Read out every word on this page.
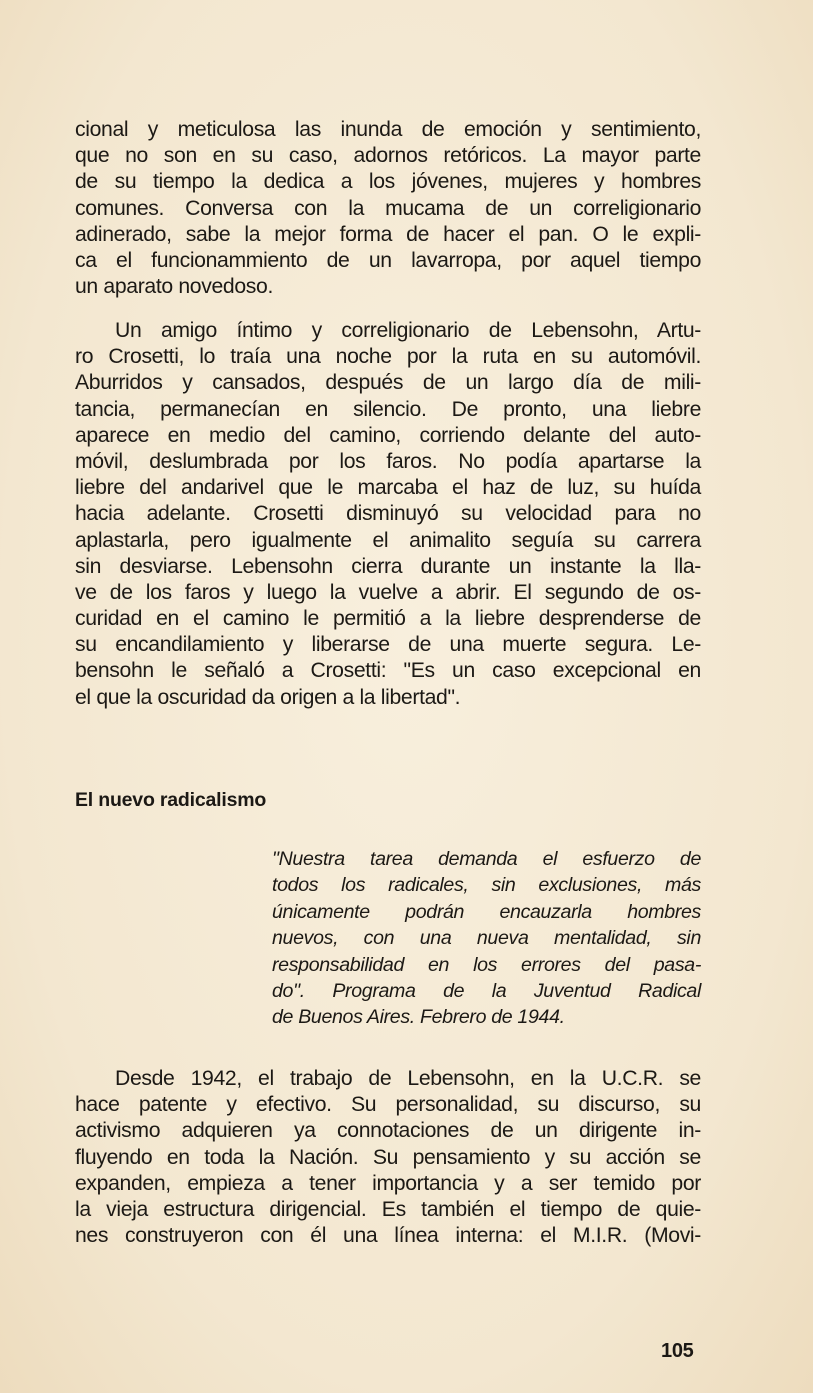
cional y meticulosa las inunda de emoción y sentimiento,
que no son en su caso, adornos retóricos. La mayor parte
de su tiempo la dedica a los jóvenes, mujeres y hombres
comunes. Conversa con la mucama de un correligionario
adinerado, sabe la mejor forma de hacer el pan. O le expli-
ca el funcionammiento de un lavarropa, por aquel tiempo
un aparato novedoso.
Un amigo íntimo y correligionario de Lebensohn, Artu-
ro Crosetti, lo traía una noche por la ruta en su automóvil.
Aburridos y cansados, después de un largo día de mili-
tancia, permanecían en silencio. De pronto, una liebre
aparece en medio del camino, corriendo delante del auto-
móvil, deslumbrada por los faros. No podía apartarse la
liebre del andarivel que le marcaba el haz de luz, su huída
hacia adelante. Crosetti disminuyó su velocidad para no
aplastarla, pero igualmente el animalito seguía su carrera
sin desviarse. Lebensohn cierra durante un instante la lla-
ve de los faros y luego la vuelve a abrir. El segundo de os-
curidad en el camino le permitió a la liebre desprenderse de
su encandilamiento y liberarse de una muerte segura. Le-
bensohn le señaló a Crosetti: "Es un caso excepcional en
el que la oscuridad da origen a la libertad".
El nuevo radicalismo
"Nuestra tarea demanda el esfuerzo de
todos los radicales, sin exclusiones, más
únicamente podrán encauzarla hombres
nuevos, con una nueva mentalidad, sin
responsabilidad en los errores del pasa-
do". Programa de la Juventud Radical
de Buenos Aires. Febrero de 1944.
Desde 1942, el trabajo de Lebensohn, en la U.C.R. se
hace patente y efectivo. Su personalidad, su discurso, su
activismo adquieren ya connotaciones de un dirigente in-
fluyendo en toda la Nación. Su pensamiento y su acción se
expanden, empieza a tener importancia y a ser temido por
la vieja estructura dirigencial. Es también el tiempo de quie-
nes construyeron con él una línea interna: el M.I.R. (Movi-
105
